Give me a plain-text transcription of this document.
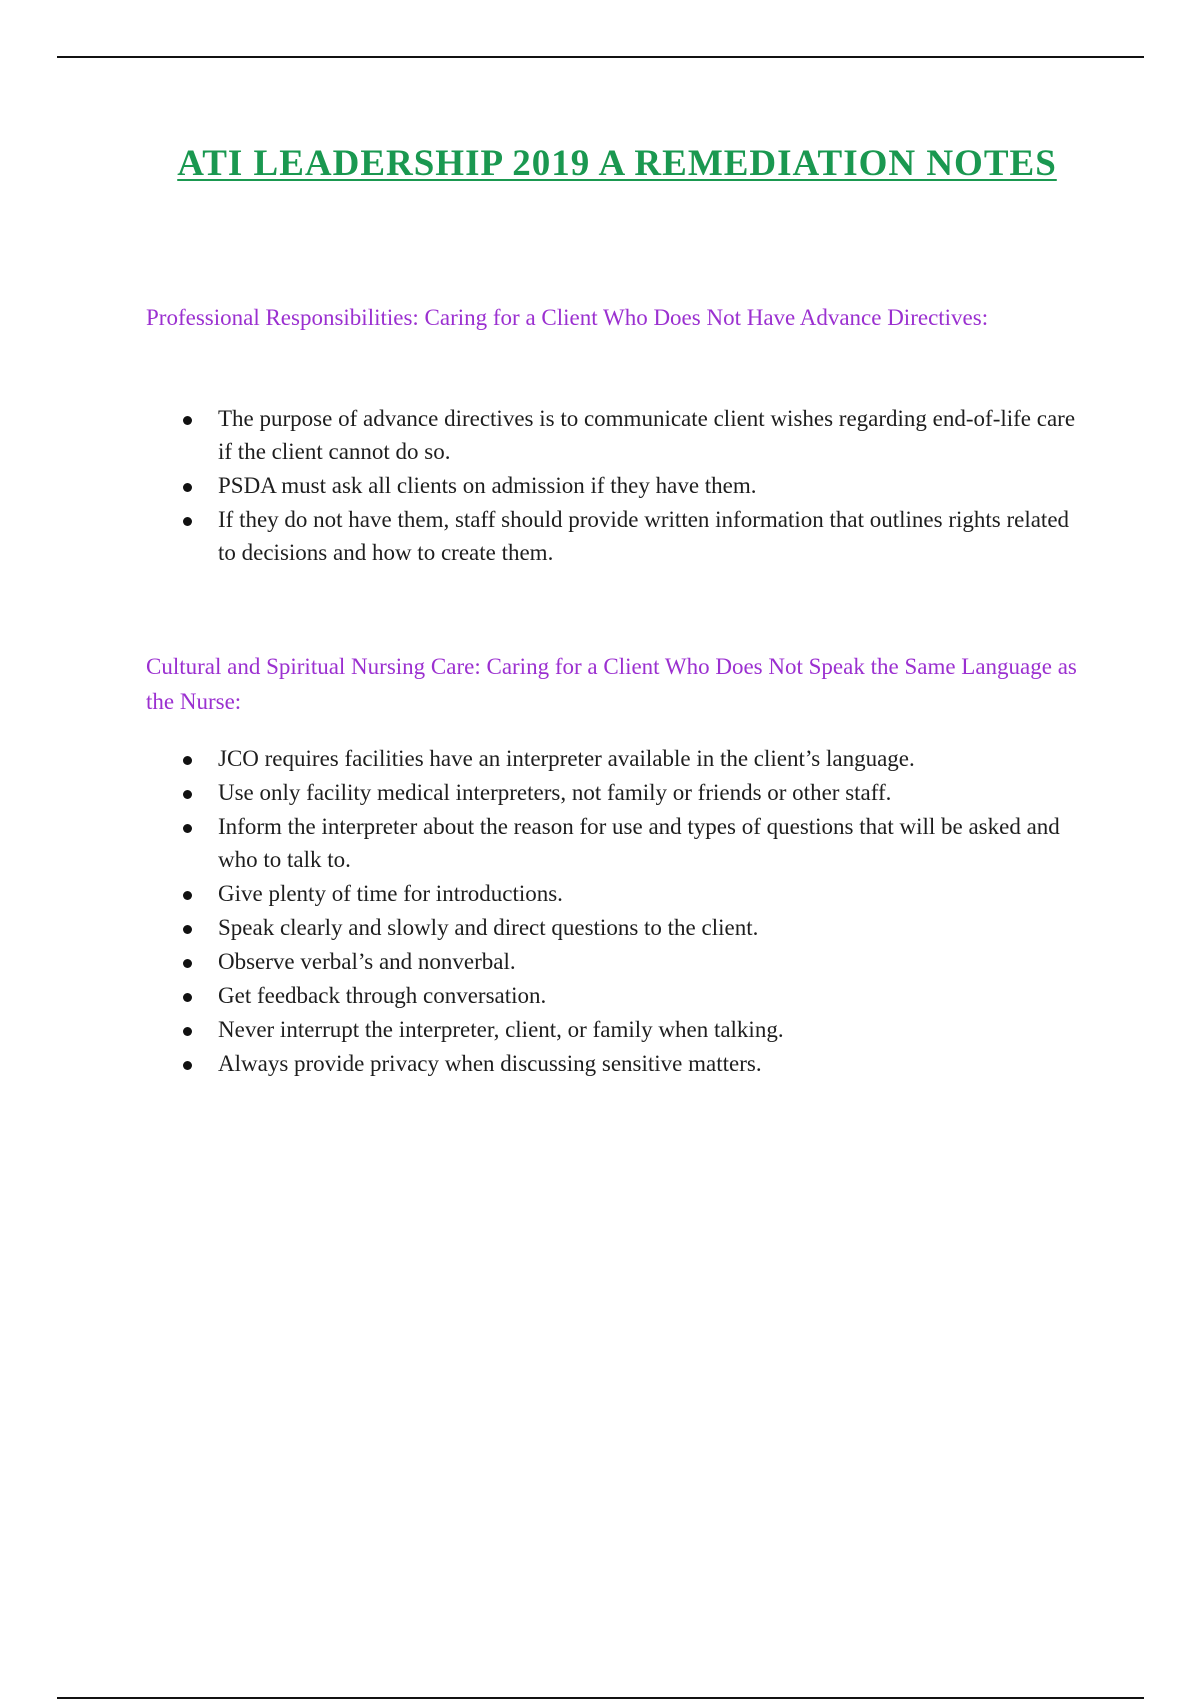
ATI LEADERSHIP 2019 A REMEDIATION NOTES

Professional Responsibilities: Caring for a Client Who Does Not Have Advance Directives:

The purpose of advance directives is to communicate client wishes regarding end-of-life care if the client cannot do so.
PSDA must ask all clients on admission if they have them.
If they do not have them, staff should provide written information that outlines rights related to decisions and how to create them.

Cultural and Spiritual Nursing Care: Caring for a Client Who Does Not Speak the Same Language as the Nurse:

JCO requires facilities have an interpreter available in the client’s language.
Use only facility medical interpreters, not family or friends or other staff.
Inform the interpreter about the reason for use and types of questions that will be asked and who to talk to.
Give plenty of time for introductions.
Speak clearly and slowly and direct questions to the client.
Observe verbal’s and nonverbal.
Get feedback through conversation.
Never interrupt the interpreter, client, or family when talking.
Always provide privacy when discussing sensitive matters.
